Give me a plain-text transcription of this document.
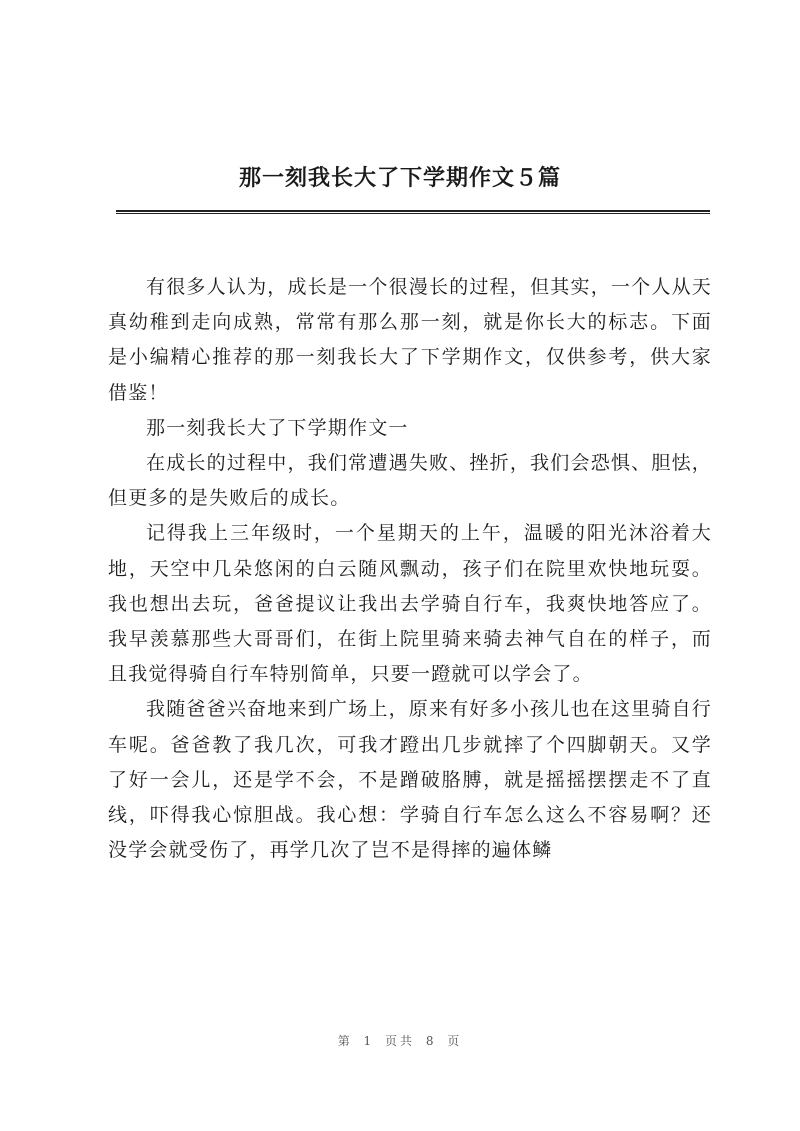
那一刻我长大了下学期作文５篇

有很多人认为，成长是一个很漫长的过程，但其实，一个人从天真幼稚到走向成熟，常常有那么那一刻，就是你长大的标志。下面是小编精心推荐的那一刻我长大了下学期作文，仅供参考，供大家借鉴！

那一刻我长大了下学期作文一

在成长的过程中，我们常遭遇失败、挫折，我们会恐惧、胆怯，但更多的是失败后的成长。

记得我上三年级时，一个星期天的上午，温暖的阳光沐浴着大地，天空中几朵悠闲的白云随风飘动，孩子们在院里欢快地玩耍。我也想出去玩，爸爸提议让我出去学骑自行车，我爽快地答应了。我早羡慕那些大哥哥们，在街上院里骑来骑去神气自在的样子，而且我觉得骑自行车特别简单，只要一蹬就可以学会了。

我随爸爸兴奋地来到广场上，原来有好多小孩儿也在这里骑自行车呢。爸爸教了我几次，可我才蹬出几步就摔了个四脚朝天。又学了好一会儿，还是学不会，不是蹭破胳膊，就是摇摇摆摆走不了直线，吓得我心惊胆战。我心想：学骑自行车怎么这么不容易啊？还没学会就受伤了，再学几次了岂不是得摔的遍体鳞

第 1 页共 8 页
